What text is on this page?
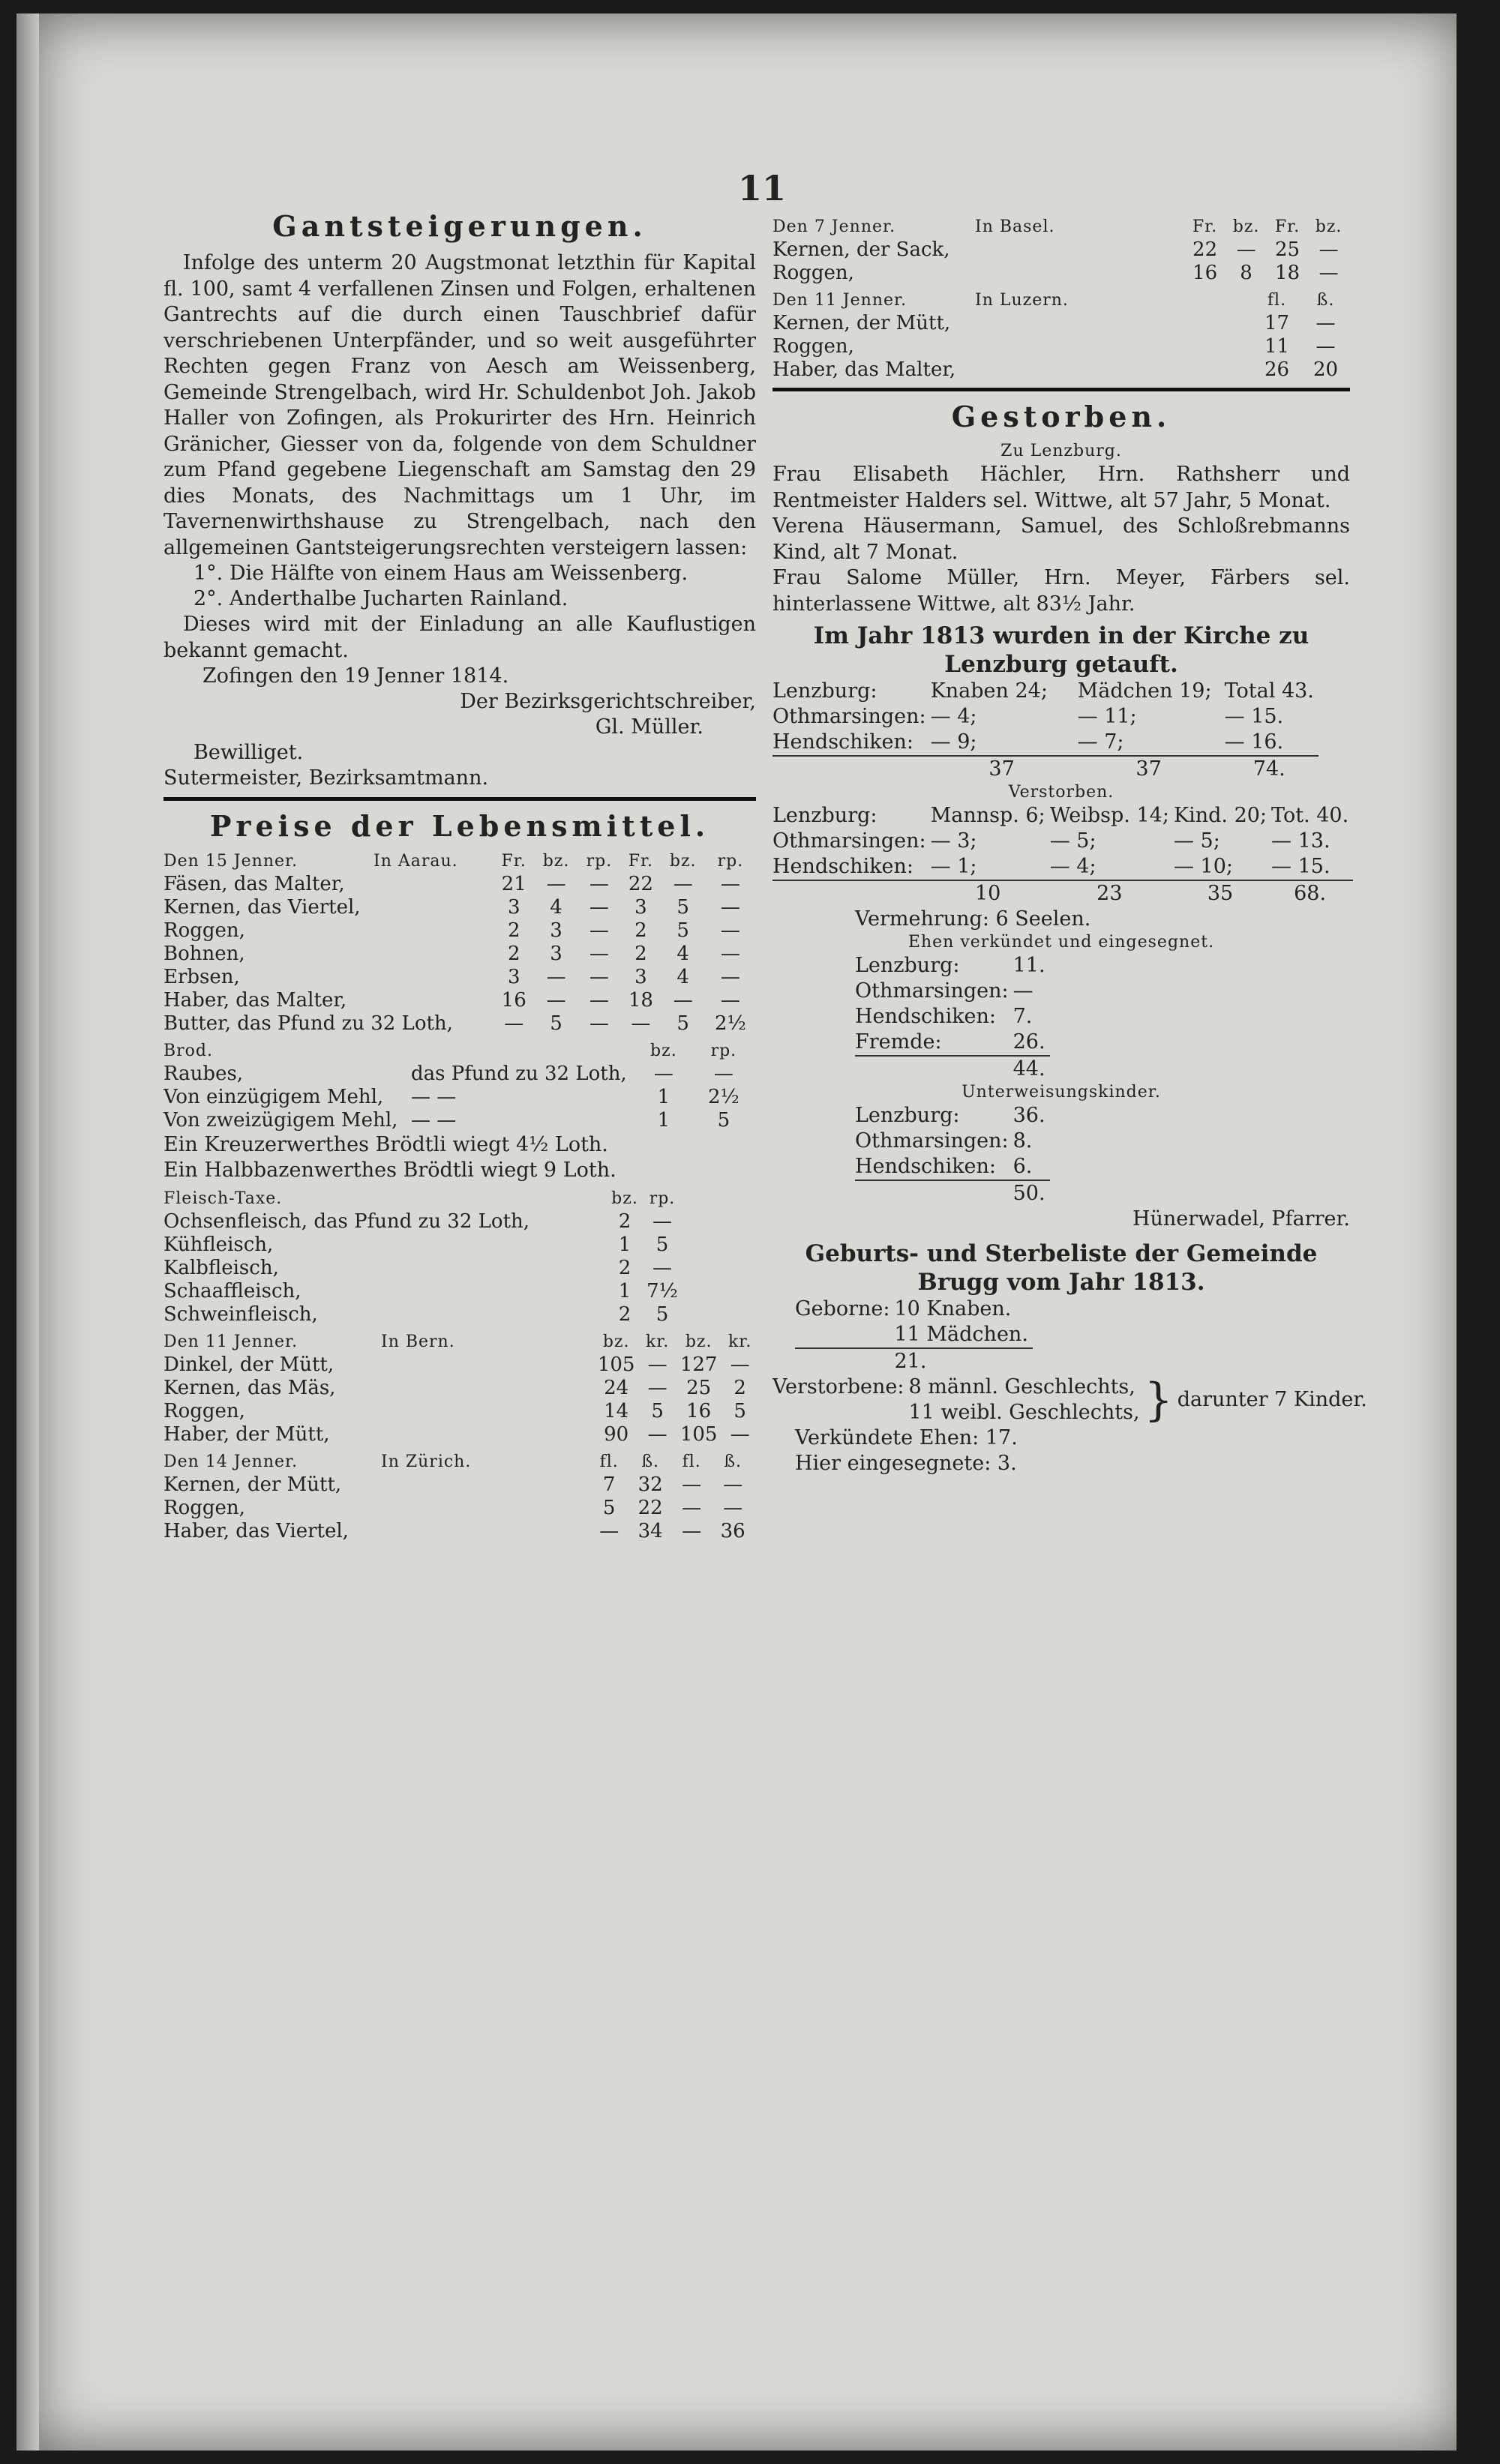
11
Gantsteigerungen.

Infolge des unterm 20 Augstmonat letzthin für Kapital fl. 100, samt 4 verfallenen Zinsen und Folgen, erhaltenen Gantrechts auf die durch einen Tauschbrief dafür verschriebenen Unterpfänder, und so weit ausgeführter Rechten gegen Franz von Aesch am Weissenberg, Gemeinde Strengelbach, wird Hr. Schuldenbot Joh. Jakob Haller von Zofingen, als Prokurirter des Hrn. Heinrich Gränicher, Giesser von da, folgende von dem Schuldner zum Pfand gegebene Liegenschaft am Samstag den 29 dies Monats, des Nachmittags um 1 Uhr, im Tavernenwirthshause zu Strengelbach, nach den allgemeinen Gantsteigerungsrechten versteigern lassen:

1°. Die Hälfte von einem Haus am Weissenberg.
2°. Anderthalbe Jucharten Rainland.

Dieses wird mit der Einladung an alle Kauflustigen bekannt gemacht.

Zofingen den 19 Jenner 1814.
Der Bezirksgerichtschreiber,
Gl. Müller.
Bewilliget.
Sutermeister, Bezirksamtmann.
Preise der Lebensmittel.
Den 15 Jenner.	In Aarau.	Fr.	bz.	rp.	Fr.	bz.	rp.
Fäsen, das Malter,		21	—	—	22	—	—
Kernen, das Viertel,		3	4	—	3	5	—
Roggen,		2	3	—	2	5	—
Bohnen,		2	3	—	2	4	—
Erbsen,		3	—	—	3	4	—
Haber, das Malter,		16	—	—	18	—	—
Butter, das Pfund zu 32 Loth,		—	5	—	—	5	2½
Brod.		bz.	rp.
Raubes,	das Pfund zu 32 Loth,	—	—
Von einzügigem Mehl,	— —	1	2½
Von zweizügigem Mehl,	— —	1	5
Ein Kreuzerwerthes Brödtli wiegt 4½ Loth.
Ein Halbbazenwerthes Brödtli wiegt 9 Loth.
Fleisch-Taxe.	bz.	rp.	
Ochsenfleisch, das Pfund zu 32 Loth,	2	—	
Kühfleisch,	1	5	
Kalbfleisch,	2	—	
Schaaffleisch,	1	7½	
Schweinfleisch,	2	5	
Den 11 Jenner.	In Bern.	bz.	kr.	bz.	kr.
Dinkel, der Mütt,		105	—	127	—
Kernen, das Mäs,		24	—	25	2
Roggen,		14	5	16	5
Haber, der Mütt,		90	—	105	—
Den 14 Jenner.	In Zürich.	fl.	ß.	fl.	ß.
Kernen, der Mütt,		7	32	—	—
Roggen,		5	22	—	—
Haber, das Viertel,		—	34	—	36
Den 7 Jenner.	In Basel.	Fr.	bz.	Fr.	bz.
Kernen, der Sack,		22	—	25	—
Roggen,		16	8	18	—
Den 11 Jenner.	In Luzern.	fl.	ß.
Kernen, der Mütt,		17	—
Roggen,		11	—
Haber, das Malter,		26	20
Gestorben.
Zu Lenzburg.

Frau Elisabeth Hächler, Hrn. Rathsherr und Rentmeister Halders sel. Wittwe, alt 57 Jahr, 5 Monat.

Verena Häusermann, Samuel, des Schloßrebmanns Kind, alt 7 Monat.

Frau Salome Müller, Hrn. Meyer, Färbers sel. hinterlassene Wittwe, alt 83½ Jahr.

Im Jahr 1813 wurden in der Kirche zu Lenzburg getauft.
Lenzburg:	Knaben 24;	Mädchen 19;	Total 43.
Othmarsingen:	— 4;	— 11;	— 15.
Hendschiken:	— 9;	— 7;	— 16.
	37	37	74.
Verstorben.
Lenzburg:	Mannsp. 6;	Weibsp. 14;	Kind. 20;	Tot. 40.
Othmarsingen:	— 3;	— 5;	— 5;	— 13.
Hendschiken:	— 1;	— 4;	— 10;	— 15.
	10	23	35	68.
Vermehrung: 6 Seelen.
Ehen verkündet und eingesegnet.
Lenzburg:	11.
Othmarsingen:	—
Hendschiken:	7.
Fremde:	26.
	44.
Unterweisungskinder.
Lenzburg:	36.
Othmarsingen:	8.
Hendschiken:	6.
	50.
Hünerwadel, Pfarrer.
Geburts- und Sterbeliste der Gemeinde Brugg vom Jahr 1813.
Geborne:	10 Knaben.
	11 Mädchen.
	21.
Verstorbene:	8 männl. Geschlechts,	}	darunter 7 Kinder.
	11 weibl. Geschlechts,		
Verkündete Ehen: 17.
Hier eingesegnete: 3.
